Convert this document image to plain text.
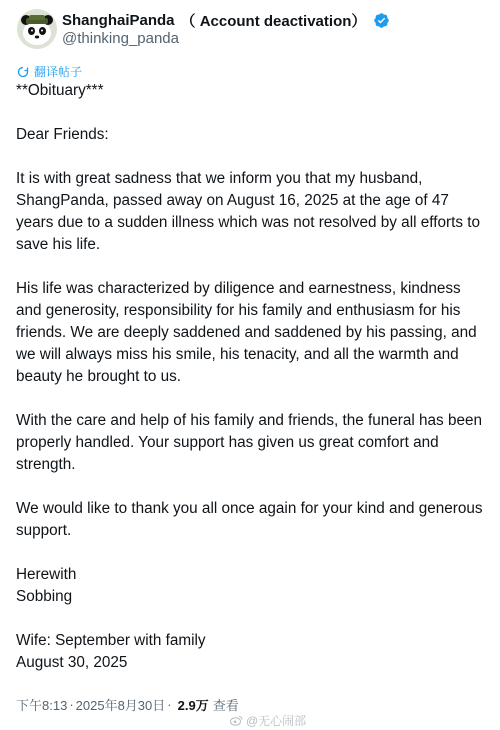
ShanghaiPanda （ Account deactivation）
@thinking_panda
翻译帖子

**Obituary***

Dear Friends:

It is with great sadness that we inform you that my husband, ShangPanda, passed away on August 16, 2025 at the age of 47 years due to a sudden illness which was not resolved by all efforts to save his life.

His life was characterized by diligence and earnestness, kindness and generosity, responsibility for his family and enthusiasm for his friends. We are deeply saddened and saddened by his passing, and we will always miss his smile, his tenacity, and all the warmth and beauty he brought to us.

With the care and help of his family and friends, the funeral has been properly handled. Your support has given us great comfort and strength.

We would like to thank you all once again for your kind and generous support.

Herewith

Sobbing

Wife: September with family

August 30, 2025

下午8:13 · 2025年8月30日 · 2.9万 查看
@无心闹部
